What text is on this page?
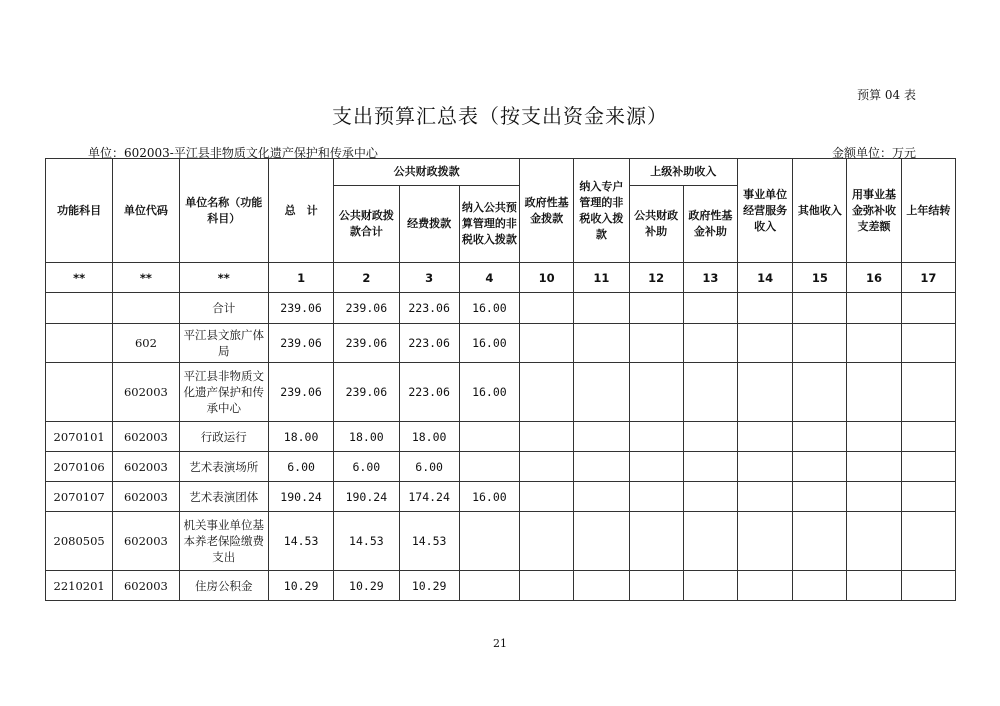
预算 04 表
支出预算汇总表（按支出资金来源）
单位：602003-平江县非物质文化遗产保护和传承中心	金额单位：万元
功能科目	单位代码	单位名称（功能科目）	总　计	公共财政拨款			政府性基金拨款	纳入专户管理的非税收入拨款	上级补助收入		事业单位经营服务收入	其他收入	用事业基金弥补收支差额	上年结转
				公共财政拨款合计	经费拨款	纳入公共预算管理的非税收入拨款			公共财政补助	政府性基金补助				
**	**	**	1	2	3	4	10	11	12	13	14	15	16	17
		合计	239.06	239.06	223.06	16.00								
	602	平江县文旅广体局	239.06	239.06	223.06	16.00								
	602003	平江县非物质文化遗产保护和传承中心	239.06	239.06	223.06	16.00								
2070101	602003	行政运行	18.00	18.00	18.00									
2070106	602003	艺术表演场所	6.00	6.00	6.00									
2070107	602003	艺术表演团体	190.24	190.24	174.24	16.00								
2080505	602003	机关事业单位基本养老保险缴费支出	14.53	14.53	14.53									
2210201	602003	住房公积金	10.29	10.29	10.29									
21
